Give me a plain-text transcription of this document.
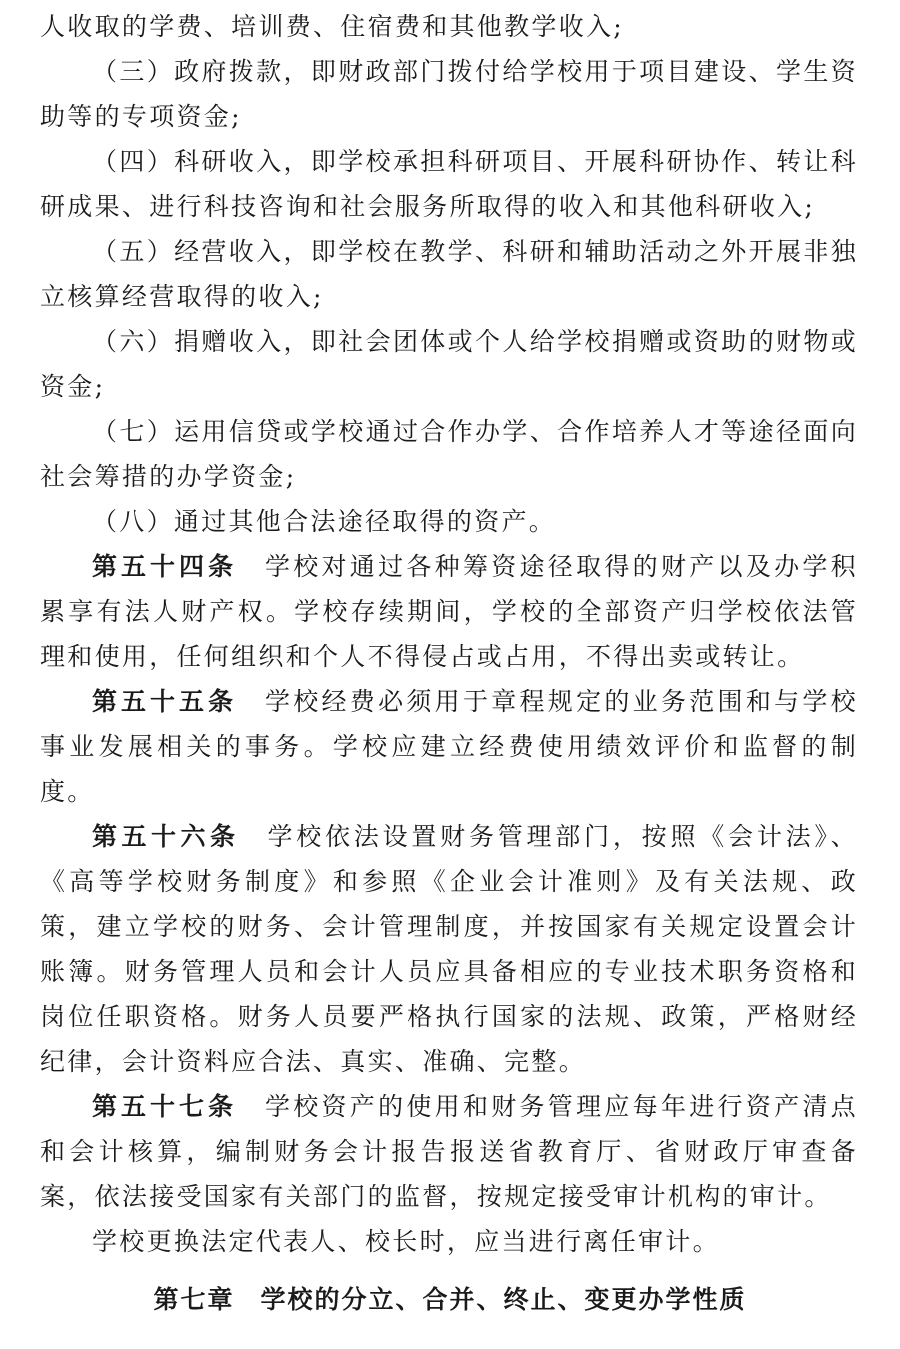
人收取的学费、培训费、住宿费和其他教学收入;

（三）政府拨款，即财政部门拨付给学校用于项目建设、学生资助等的专项资金;

（四）科研收入，即学校承担科研项目、开展科研协作、转让科研成果、进行科技咨询和社会服务所取得的收入和其他科研收入;

（五）经营收入，即学校在教学、科研和辅助活动之外开展非独立核算经营取得的收入;

（六）捐赠收入，即社会团体或个人给学校捐赠或资助的财物或资金;

（七）运用信贷或学校通过合作办学、合作培养人才等途径面向社会筹措的办学资金;

（八）通过其他合法途径取得的资产。

第五十四条 学校对通过各种筹资途径取得的财产以及办学积累享有法人财产权。学校存续期间，学校的全部资产归学校依法管理和使用，任何组织和个人不得侵占或占用，不得出卖或转让。

第五十五条 学校经费必须用于章程规定的业务范围和与学校事业发展相关的事务。学校应建立经费使用绩效评价和监督的制度。

第五十六条 学校依法设置财务管理部门，按照《会计法》、《高等学校财务制度》和参照《企业会计准则》及有关法规、政策，建立学校的财务、会计管理制度，并按国家有关规定设置会计账簿。财务管理人员和会计人员应具备相应的专业技术职务资格和岗位任职资格。财务人员要严格执行国家的法规、政策，严格财经纪律，会计资料应合法、真实、准确、完整。

第五十七条 学校资产的使用和财务管理应每年进行资产清点和会计核算，编制财务会计报告报送省教育厅、省财政厅审查备案，依法接受国家有关部门的监督，按规定接受审计机构的审计。

学校更换法定代表人、校长时，应当进行离任审计。

第七章 学校的分立、合并、终止、变更办学性质
